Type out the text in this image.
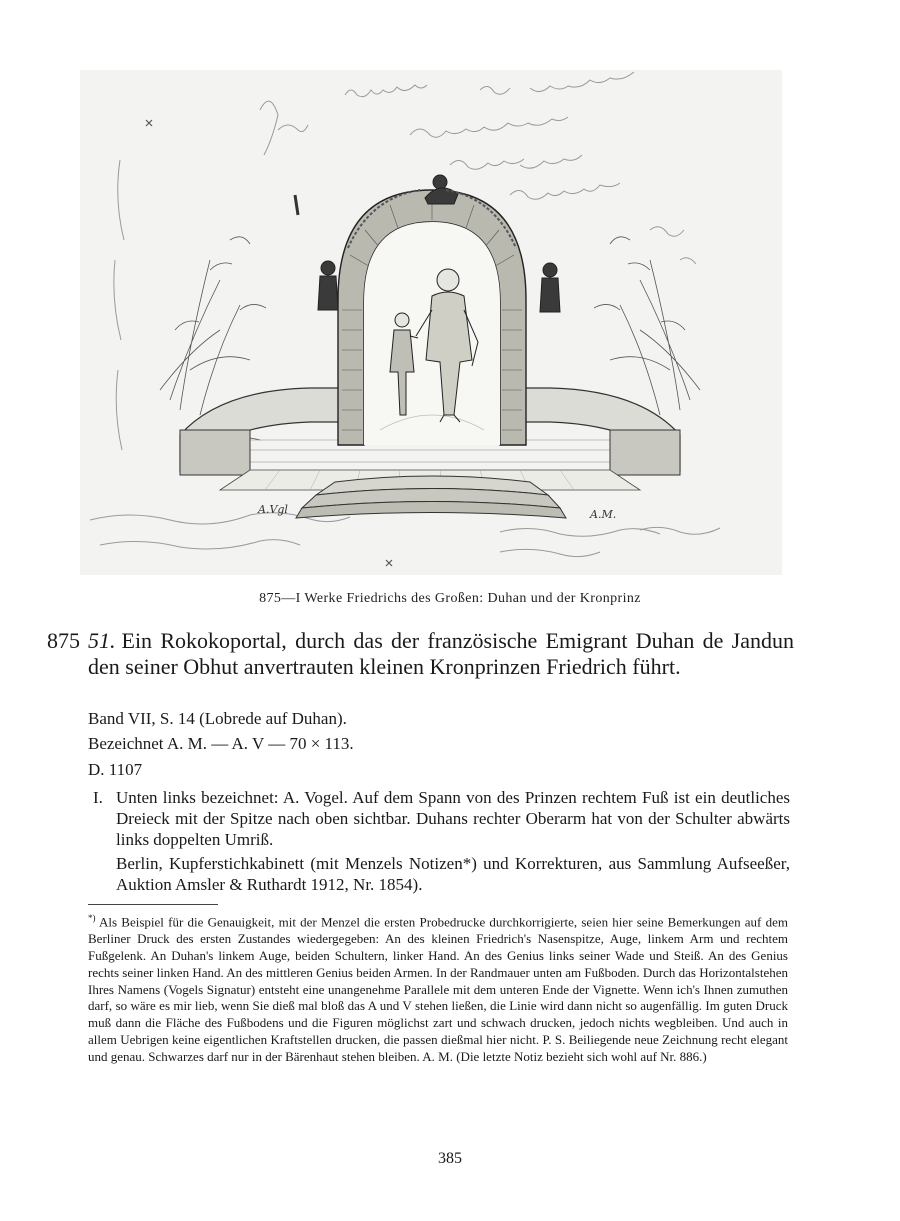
A.Vgl	A.M.
875—I Werke Friedrichs des Großen: Duhan und der Kronprinz
875 51. Ein Rokokoportal, durch das der französische Emigrant Duhan de Jandun den seiner Obhut anvertrauten kleinen Kronprinzen Friedrich führt.
Band VII, S. 14 (Lobrede auf Duhan).
Bezeichnet A. M. — A. V — 70 × 113.
D. 1107
I. Unten links bezeichnet: A. Vogel. Auf dem Spann von des Prinzen rechtem Fuß ist ein deutliches Dreieck mit der Spitze nach oben sichtbar. Duhans rechter Oberarm hat von der Schulter abwärts links doppelten Umriß.
Berlin, Kupferstichkabinett (mit Menzels Notizen*) und Korrekturen, aus Sammlung Aufseeßer, Auktion Amsler & Ruthardt 1912, Nr. 1854).
*) Als Beispiel für die Genauigkeit, mit der Menzel die ersten Probedrucke durchkorrigierte, seien hier seine Bemerkungen auf dem Berliner Druck des ersten Zustandes wiedergegeben: An des kleinen Friedrich's Nasenspitze, Auge, linkem Arm und rechtem Fußgelenk. An Duhan's linkem Auge, beiden Schultern, linker Hand. An des Genius links seiner Wade und Steiß. An des Genius rechts seiner linken Hand. An des mittleren Genius beiden Armen. In der Randmauer unten am Fußboden. Durch das Horizontalstehen Ihres Namens (Vogels Signatur) entsteht eine unangenehme Parallele mit dem unteren Ende der Vignette. Wenn ich's Ihnen zumuthen darf, so wäre es mir lieb, wenn Sie dieß mal bloß das A und V stehen ließen, die Linie wird dann nicht so augenfällig. Im guten Druck muß dann die Fläche des Fußbodens und die Figuren möglichst zart und schwach drucken, jedoch nichts wegbleiben. Und auch in allem Uebrigen keine eigentlichen Kraftstellen drucken, die passen dießmal hier nicht. P. S. Beiliegende neue Zeichnung recht elegant und genau. Schwarzes darf nur in der Bärenhaut stehen bleiben. A. M. (Die letzte Notiz bezieht sich wohl auf Nr. 886.)
385
